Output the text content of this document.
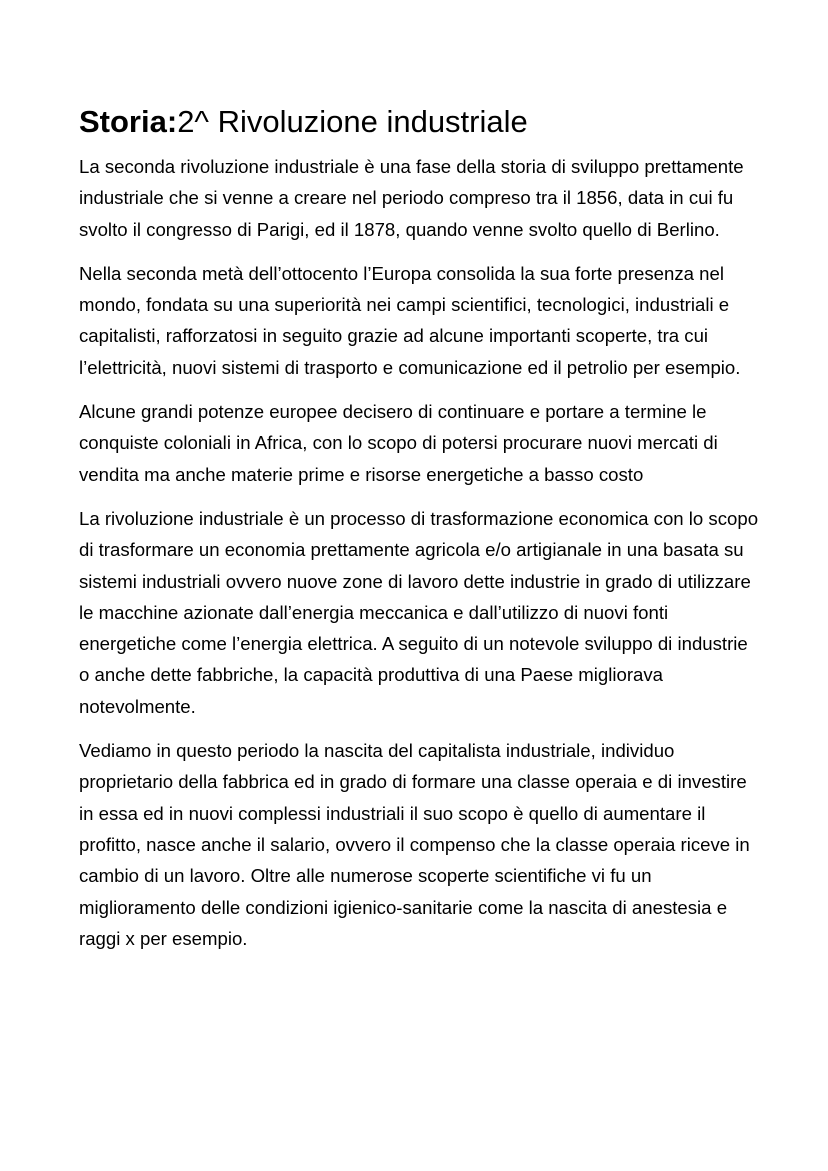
Storia:2^ Rivoluzione industriale

La seconda rivoluzione industriale è una fase della storia di sviluppo prettamente industriale che si venne a creare nel periodo compreso tra il 1856, data in cui fu svolto il congresso di Parigi, ed il 1878, quando venne svolto quello di Berlino.

Nella seconda metà dell’ottocento l’Europa consolida la sua forte presenza nel mondo, fondata su una superiorità nei campi scientifici, tecnologici, industriali e capitalisti, rafforzatosi in seguito grazie ad alcune importanti scoperte, tra cui l’elettricità, nuovi sistemi di trasporto e comunicazione ed il petrolio per esempio.

Alcune grandi potenze europee decisero di continuare e portare a termine le conquiste coloniali in Africa, con lo scopo di potersi procurare nuovi mercati di vendita ma anche materie prime e risorse energetiche a basso costo

La rivoluzione industriale è un processo di trasformazione economica con lo scopo di trasformare un economia prettamente agricola e/o artigianale in una basata su sistemi industriali ovvero nuove zone di lavoro dette industrie in grado di utilizzare le macchine azionate dall’energia meccanica e dall’utilizzo di nuovi fonti energetiche come l’energia elettrica. A seguito di un notevole sviluppo di industrie o anche dette fabbriche, la capacità produttiva di una Paese migliorava notevolmente.

Vediamo in questo periodo la nascita del capitalista industriale, individuo proprietario della fabbrica ed in grado di formare una classe operaia e di investire in essa ed in nuovi complessi industriali il suo scopo è quello di aumentare il profitto, nasce anche il salario, ovvero il compenso che la classe operaia riceve in cambio di un lavoro. Oltre alle numerose scoperte scientifiche vi fu un miglioramento delle condizioni igienico-sanitarie come la nascita di anestesia e raggi x per esempio.
